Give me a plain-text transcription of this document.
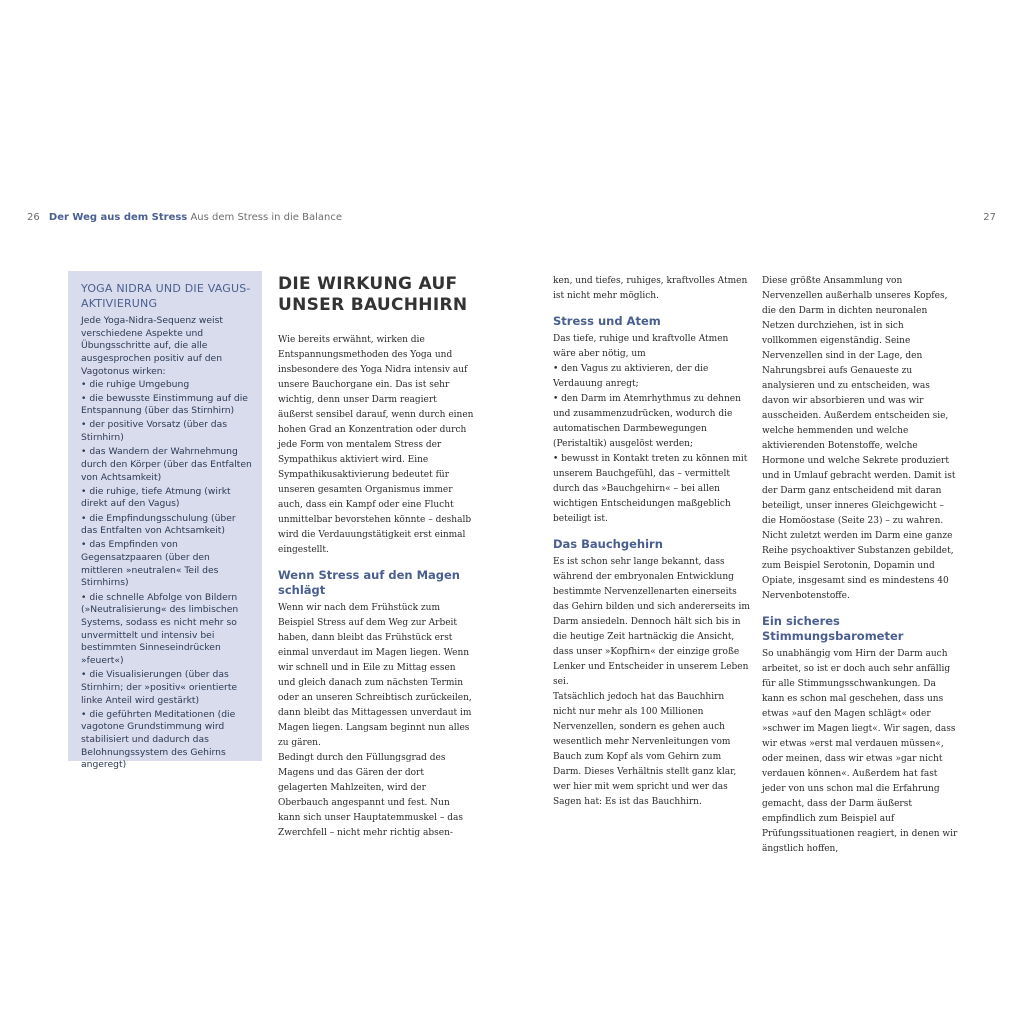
26 Der Weg aus dem Stress Aus dem Stress in die Balance	27

YOGA NIDRA UND DIE VAGUS-AKTIVIERUNG

Jede Yoga-Nidra-Sequenz weist verschiedene Aspekte und Übungsschritte auf, die alle ausgesprochen positiv auf den Vagotonus wirken:

• die ruhige Umgebung
• die bewusste Einstimmung auf die Entspannung (über das Stirnhirn)
• der positive Vorsatz (über das Stirnhirn)
• das Wandern der Wahrnehmung durch den Körper (über das Entfalten von Achtsamkeit)
• die ruhige, tiefe Atmung (wirkt direkt auf den Vagus)
• die Empfindungsschulung (über das Entfalten von Achtsamkeit)
• das Empfinden von Gegensatzpaaren (über den mittleren »neutralen« Teil des Stirnhirns)
• die schnelle Abfolge von Bildern (»Neutralisierung« des limbischen Systems, sodass es nicht mehr so unvermittelt und intensiv bei bestimmten Sinneseindrücken »feuert«)
• die Visualisierungen (über das Stirnhirn; der »positiv« orientierte linke Anteil wird gestärkt)
• die geführten Meditationen (die vagotone Grundstimmung wird stabilisiert und dadurch das Belohnungssystem des Gehirns angeregt)
DIE WIRKUNG AUF UNSER BAUCHHIRN

Wie bereits erwähnt, wirken die Entspannungsmethoden des Yoga und insbesondere des Yoga Nidra intensiv auf unsere Bauchorgane ein. Das ist sehr wichtig, denn unser Darm reagiert äußerst sensibel darauf, wenn durch einen hohen Grad an Konzentration oder durch jede Form von mentalem Stress der Sympathikus aktiviert wird. Eine Sympathikusaktivierung bedeutet für unseren gesamten Organismus immer auch, dass ein Kampf oder eine Flucht unmittelbar bevorstehen könnte – deshalb wird die Verdauungstätigkeit erst einmal eingestellt.

Wenn Stress auf den Magen schlägt

Wenn wir nach dem Frühstück zum Beispiel Stress auf dem Weg zur Arbeit haben, dann bleibt das Frühstück erst einmal unverdaut im Magen liegen. Wenn wir schnell und in Eile zu Mittag essen und gleich danach zum nächsten Termin oder an unseren Schreibtisch zurückeilen, dann bleibt das Mittagessen unverdaut im Magen liegen. Langsam beginnt nun alles zu gären.

Bedingt durch den Füllungsgrad des Magens und das Gären der dort gelagerten Mahlzeiten, wird der Oberbauch angespannt und fest. Nun kann sich unser Hauptatemmuskel – das Zwerchfell – nicht mehr richtig absen-

ken, und tiefes, ruhiges, kraftvolles Atmen ist nicht mehr möglich.

Stress und Atem

Das tiefe, ruhige und kraftvolle Atmen wäre aber nötig, um

• den Vagus zu aktivieren, der die Verdauung anregt;

• den Darm im Atemrhythmus zu dehnen und zusammenzudrücken, wodurch die automatischen Darmbewegungen (Peristaltik) ausgelöst werden;

• bewusst in Kontakt treten zu können mit unserem Bauchgefühl, das – vermittelt durch das »Bauchgehirn« – bei allen wichtigen Entscheidungen maßgeblich beteiligt ist.

Das Bauchgehirn

Es ist schon sehr lange bekannt, dass während der embryonalen Entwicklung bestimmte Nervenzellenarten einerseits das Gehirn bilden und sich andererseits im Darm ansiedeln. Dennoch hält sich bis in die heutige Zeit hartnäckig die Ansicht, dass unser »Kopfhirn« der einzige große Lenker und Entscheider in unserem Leben sei.

Tatsächlich jedoch hat das Bauchhirn nicht nur mehr als 100 Millionen Nervenzellen, sondern es gehen auch wesentlich mehr Nervenleitungen vom Bauch zum Kopf als vom Gehirn zum Darm. Dieses Verhältnis stellt ganz klar, wer hier mit wem spricht und wer das Sagen hat: Es ist das Bauchhirn.

Diese größte Ansammlung von Nervenzellen außerhalb unseres Kopfes, die den Darm in dichten neuronalen Netzen durchziehen, ist in sich vollkommen eigenständig. Seine Nervenzellen sind in der Lage, den Nahrungsbrei aufs Genaueste zu analysieren und zu entscheiden, was davon wir absorbieren und was wir ausscheiden. Außerdem entscheiden sie, welche hemmenden und welche aktivierenden Botenstoffe, welche Hormone und welche Sekrete produziert und in Umlauf gebracht werden. Damit ist der Darm ganz entscheidend mit daran beteiligt, unser inneres Gleichgewicht – die Homöostase (Seite 23) – zu wahren. Nicht zuletzt werden im Darm eine ganze Reihe psychoaktiver Substanzen gebildet, zum Beispiel Serotonin, Dopamin und Opiate, insgesamt sind es mindestens 40 Nervenbotenstoffe.

Ein sicheres Stimmungsbarometer

So unabhängig vom Hirn der Darm auch arbeitet, so ist er doch auch sehr anfällig für alle Stimmungsschwankungen. Da kann es schon mal geschehen, dass uns etwas »auf den Magen schlägt« oder »schwer im Magen liegt«. Wir sagen, dass wir etwas »erst mal verdauen müssen«, oder meinen, dass wir etwas »gar nicht verdauen können«. Außerdem hat fast jeder von uns schon mal die Erfahrung gemacht, dass der Darm äußerst empfindlich zum Beispiel auf Prüfungssituationen reagiert, in denen wir ängstlich hoffen,
